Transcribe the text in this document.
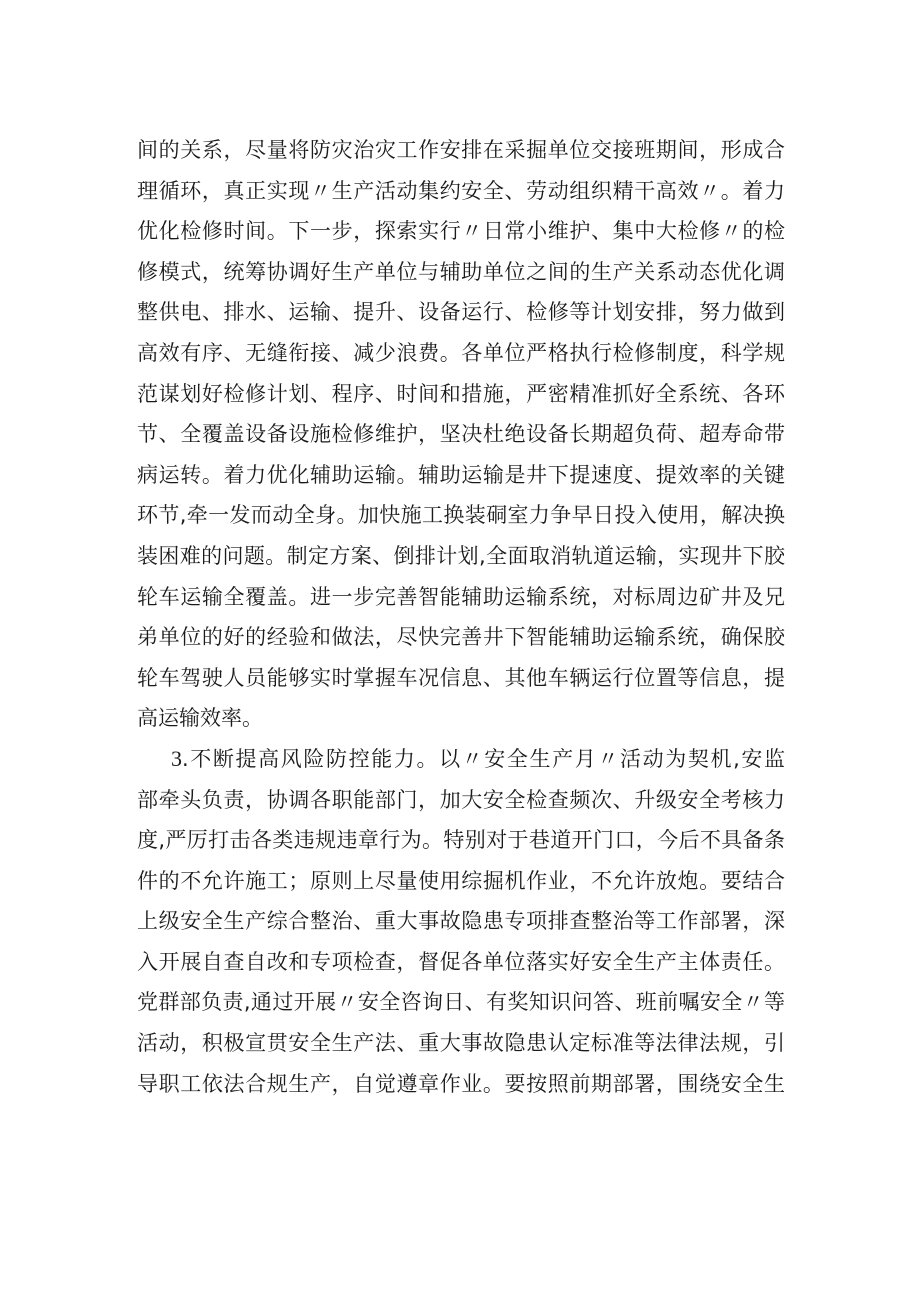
间的关系，尽量将防灾治灾工作安排在采掘单位交接班期间，形成合
理循环，真正实现〃生产活动集约安全、劳动组织精干高效〃。着力
优化检修时间。下一步，探索实行〃日常小维护、集中大检修〃的检
修模式，统筹协调好生产单位与辅助单位之间的生产关系动态优化调
整供电、排水、运输、提升、设备运行、检修等计划安排，努力做到
高效有序、无缝衔接、减少浪费。各单位严格执行检修制度，科学规
范谋划好检修计划、程序、时间和措施，严密精准抓好全系统、各环
节、全覆盖设备设施检修维护，坚决杜绝设备长期超负荷、超寿命带
病运转。着力优化辅助运输。辅助运输是井下提速度、提效率的关键
环节,牵一发而动全身。加快施工换装硐室力争早日投入使用，解决换
装困难的问题。制定方案、倒排计划,全面取消轨道运输，实现井下胶
轮车运输全覆盖。进一步完善智能辅助运输系统，对标周边矿井及兄
弟单位的好的经验和做法，尽快完善井下智能辅助运输系统，确保胶
轮车驾驶人员能够实时掌握车况信息、其他车辆运行位置等信息，提
高运输效率。
3.不断提高风险防控能力。以〃安全生产月〃活动为契机,安监
部牵头负责，协调各职能部门，加大安全检查频次、升级安全考核力
度,严厉打击各类违规违章行为。特别对于巷道开门口，今后不具备条
件的不允许施工；原则上尽量使用综掘机作业，不允许放炮。要结合
上级安全生产综合整治、重大事故隐患专项排查整治等工作部署，深
入开展自查自改和专项检查，督促各单位落实好安全生产主体责任。
党群部负责,通过开展〃安全咨询日、有奖知识问答、班前嘱安全〃等
活动，积极宣贯安全生产法、重大事故隐患认定标准等法律法规，引
导职工依法合规生产，自觉遵章作业。要按照前期部署，围绕安全生
